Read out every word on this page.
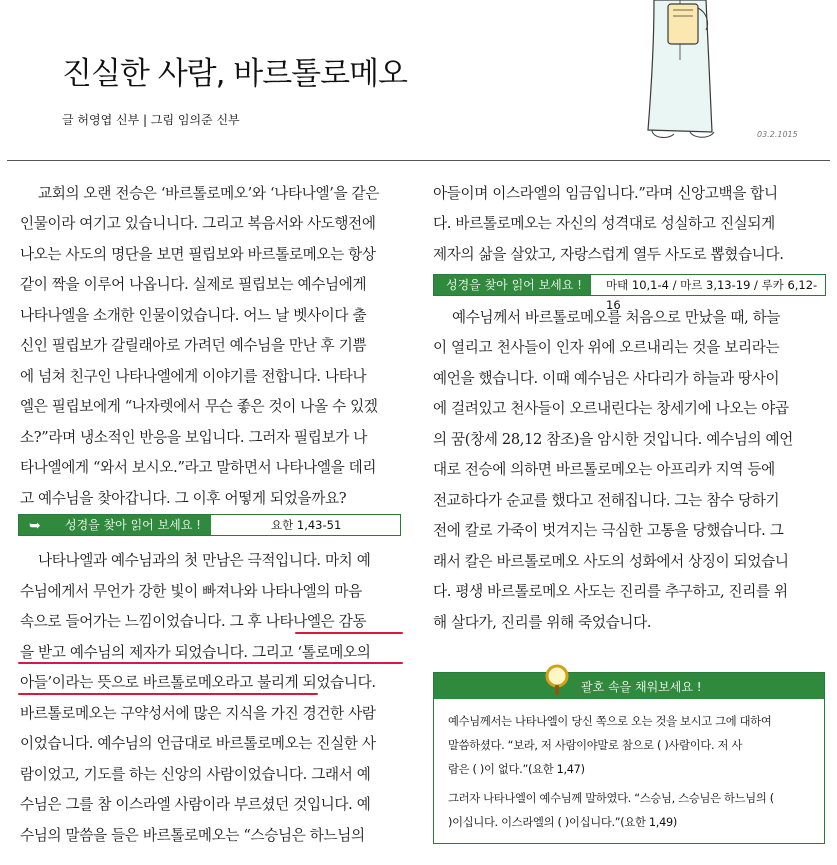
진실한 사람, 바르톨로메오
글 허영엽 신부 | 그림 임의준 신부
03.2.1015
교회의 오랜 전승은 ‘바르톨로메오’와 ‘나타나엘’을 같은
인물이라 여기고 있습니니다. 그리고 복음서와 사도행전에
나오는 사도의 명단을 보면 필립보와 바르톨로메오는 항상
같이 짝을 이루어 나옵니다. 실제로 필립보는 예수님에게
나타나엘을 소개한 인물이었습니다. 어느 날 벳사이다 출
신인 필립보가 갈릴래아로 가려던 예수님을 만난 후 기쁨
에 넘쳐 친구인 나타나엘에게 이야기를 전합니다. 나타나
엘은 필립보에게 “나자렛에서 무슨 좋은 것이 나올 수 있겠
소?”라며 냉소적인 반응을 보입니다. 그러자 필립보가 나
타나엘에게 “와서 보시오.”라고 말하면서 나타나엘을 데리
고 예수님을 찾아갑니다. 그 이후 어떻게 되었을까요?
➥ 성경을 찾아 읽어 보세요 !	요한 1,43-51
나타나엘과 예수님과의 첫 만남은 극적입니다. 마치 예
수님에게서 무언가 강한 빛이 빠져나와 나타나엘의 마음
속으로 들어가는 느낌이었습니다. 그 후 나타나엘은 감동
을 받고 예수님의 제자가 되었습니다. 그리고 ‘톨로메오의
아들’이라는 뜻으로 바르톨로메오라고 불리게 되었습니다.
바르톨로메오는 구약성서에 많은 지식을 가진 경건한 사람
이었습니다. 예수님의 언급대로 바르톨로메오는 진실한 사
람이었고, 기도를 하는 신앙의 사람이었습니다. 그래서 예
수님은 그를 참 이스라엘 사람이라 부르셨던 것입니다. 예
수님의 말씀을 들은 바르톨로메오는 “스승님은 하느님의
아들이며 이스라엘의 임금입니다.”라며 신앙고백을 합니
다. 바르톨로메오는 자신의 성격대로 성실하고 진실되게
제자의 삶을 살았고, 자랑스럽게 열두 사도로 뽑혔습니다.
성경을 찾아 읽어 보세요 ! 마태 10,1-4 / 마르 3,13-19 / 루카 6,12-16
예수님께서 바르톨로메오를 처음으로 만났을 때, 하늘
이 열리고 천사들이 인자 위에 오르내리는 것을 보리라는
예언을 했습니다. 이때 예수님은 사다리가 하늘과 땅사이
에 걸려있고 천사들이 오르내린다는 창세기에 나오는 야곱
의 꿈(창세 28,12 참조)을 암시한 것입니다. 예수님의 예언
대로 전승에 의하면 바르톨로메오는 아프리카 지역 등에
전교하다가 순교를 했다고 전해집니다. 그는 참수 당하기
전에 칼로 가죽이 벗겨지는 극심한 고통을 당했습니다. 그
래서 칼은 바르톨로메오 사도의 성화에서 상징이 되었습니
다. 평생 바르톨로메오 사도는 진리를 추구하고, 진리를 위
해 살다가, 진리를 위해 죽었습니다.
괄호 속을 채워보세요 !
예수님께서는 나타나엘이 당신 쪽으로 오는 것을 보시고 그에 대하여
말씀하셨다. “보라, 저 사람이야말로 참으로 ( )사람이다. 저 사
람은 ( )이 없다.”(요한 1,47)
그러자 나타나엘이 예수님께 말하였다. “스승님, 스승님은 하느님의 (
)이십니다. 이스라엘의 ( )이십니다.”(요한 1,49)
